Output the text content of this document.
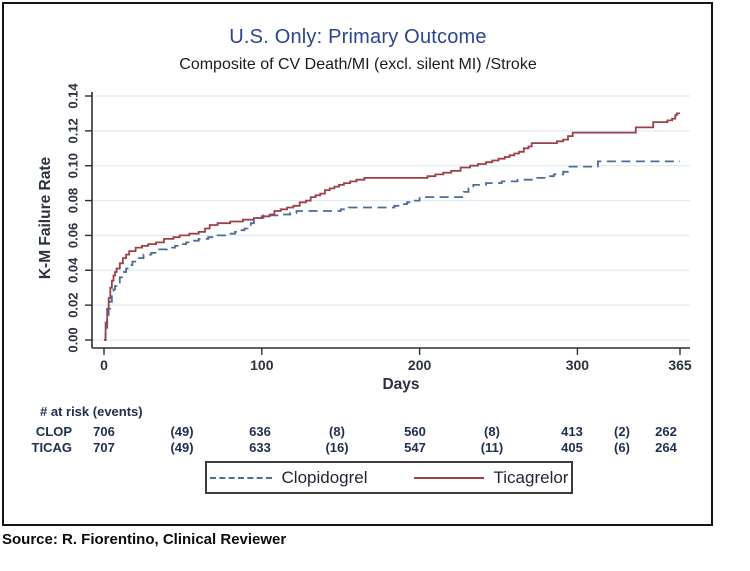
U.S. Only: Primary Outcome
Composite of CV Death/MI (excl. silent MI) /Stroke
0.00
0.02
0.04
0.06
0.08
0.10
0.12
0.14
0	100	200	300	365
K-M Failure Rate
Days
# at risk (events)
CLOP	706	(49)	636	(8)	560	(8)	413	(2)	262
TICAG	707	(49)	633	(16)	547	(11)	405	(6)	264
Clopidogrel	Ticagrelor
Source: R. Fiorentino, Clinical Reviewer
